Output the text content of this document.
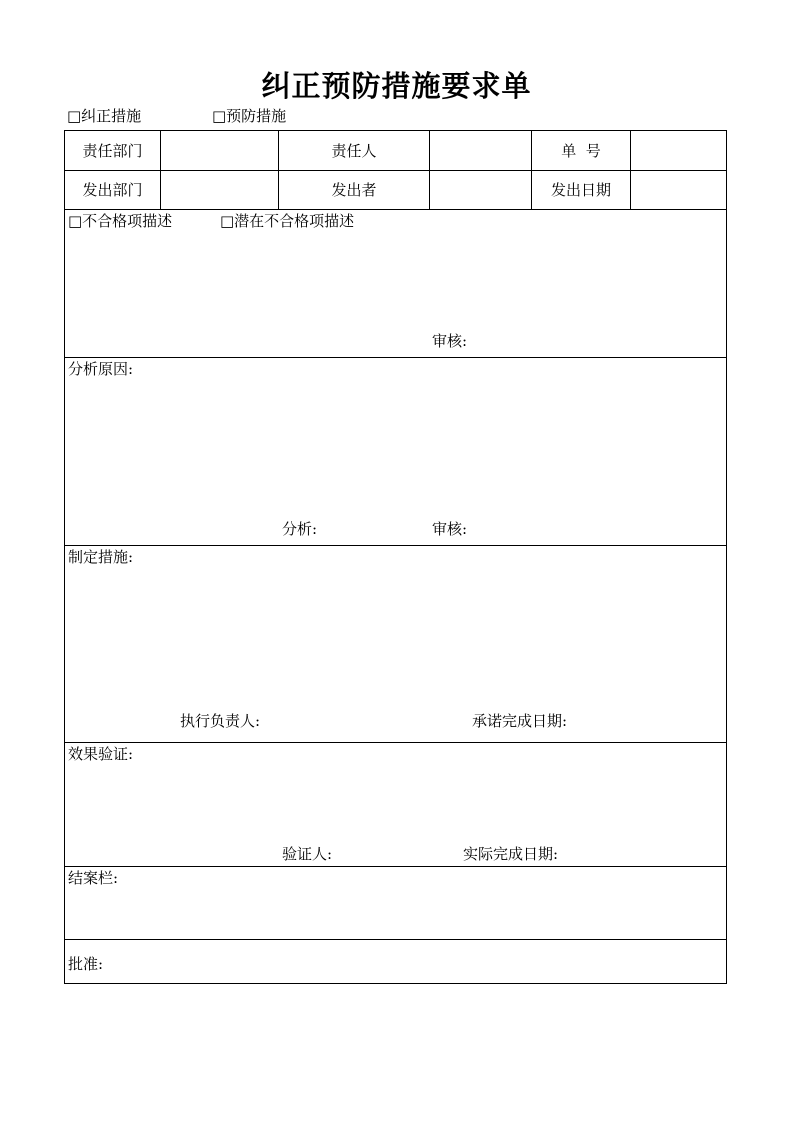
纠正预防措施要求单
□纠正措施	□预防措施
责任部门	责任人	单  号
发出部门	发出者	发出日期
□不合格项描述	□潜在不合格项描述
审核:
分析原因:
分析:	审核:
制定措施:
执行负责人:	承诺完成日期:
效果验证:
验证人:	实际完成日期:
结案栏:
批准:
